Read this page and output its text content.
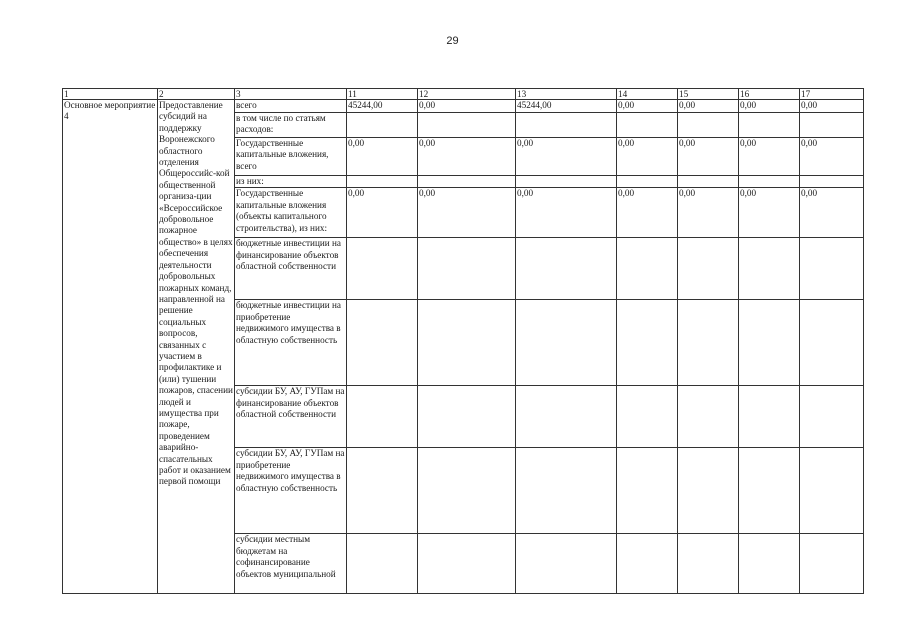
29
1	2	3	11	12	13	14	15	16	17
Основное мероприятие 4	Предоставление субсидий на поддержку Воронежского областного отделения Общероссийс-кой общественной организа-ции «Всероссийское добровольное пожарное общество» в целях обеспечения деятельности добровольных пожарных команд, направленной на решение социальных вопросов, связанных с участием в профилактике и (или) тушении пожаров, спасении людей и имущества при пожаре, проведением аварийно-спасательных работ и оказанием первой помощи	всего	45244,00	0,00	45244,00	0,00	0,00	0,00	0,00
		в том числе по статьям расходов:							
		Государственные капитальные вложения, всего	0,00	0,00	0,00	0,00	0,00	0,00	0,00
		из них:							
		Государственные капитальные вложения (объекты капитального строительства), из них:	0,00	0,00	0,00	0,00	0,00	0,00	0,00
		бюджетные инвестиции на финансирование объектов областной собственности							
		бюджетные инвестиции на приобретение недвижимого имущества в областную собственность							
		субсидии БУ, АУ, ГУПам на финансирование объектов областной собственности							
		субсидии БУ, АУ, ГУПам на приобретение недвижимого имущества в областную собственность							
		субсидии местным бюджетам на софинансирование объектов муниципальной							
